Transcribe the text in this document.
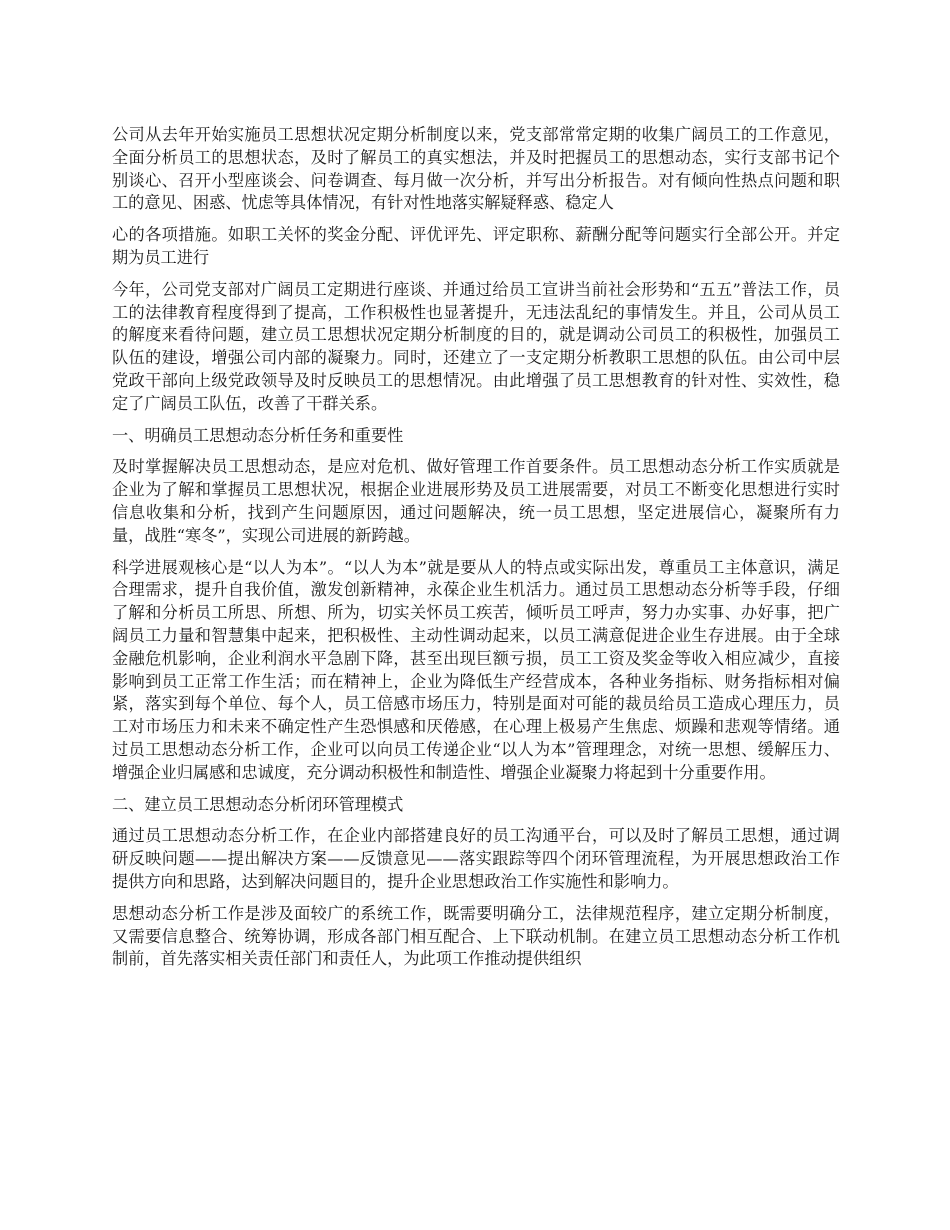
公司从去年开始实施员工思想状况定期分析制度以来，党支部常常定期的收集广阔员工的工作意见，全面分析员工的思想状态，及时了解员工的真实想法，并及时把握员工的思想动态，实行支部书记个别谈心、召开小型座谈会、问卷调查、每月做一次分析，并写出分析报告。对有倾向性热点问题和职工的意见、困惑、忧虑等具体情况，有针对性地落实解疑释惑、稳定人

心的各项措施。如职工关怀的奖金分配、评优评先、评定职称、薪酬分配等问题实行全部公开。并定期为员工进行

今年，公司党支部对广阔员工定期进行座谈、并通过给员工宣讲当前社会形势和“五五”普法工作，员工的法律教育程度得到了提高，工作积极性也显著提升，无违法乱纪的事情发生。并且，公司从员工的解度来看待问题，建立员工思想状况定期分析制度的目的，就是调动公司员工的积极性，加强员工队伍的建设，增强公司内部的凝聚力。同时，还建立了一支定期分析教职工思想的队伍。由公司中层党政干部向上级党政领导及时反映员工的思想情况。由此增强了员工思想教育的针对性、实效性，稳定了广阔员工队伍，改善了干群关系。

一、明确员工思想动态分析任务和重要性

及时掌握解决员工思想动态，是应对危机、做好管理工作首要条件。员工思想动态分析工作实质就是企业为了解和掌握员工思想状况，根据企业进展形势及员工进展需要，对员工不断变化思想进行实时信息收集和分析，找到产生问题原因，通过问题解决，统一员工思想，坚定进展信心，凝聚所有力量，战胜“寒冬”，实现公司进展的新跨越。

科学进展观核心是“以人为本”。“以人为本”就是要从人的特点或实际出发，尊重员工主体意识，满足合理需求，提升自我价值，激发创新精神，永葆企业生机活力。通过员工思想动态分析等手段，仔细了解和分析员工所思、所想、所为，切实关怀员工疾苦，倾听员工呼声，努力办实事、办好事，把广阔员工力量和智慧集中起来，把积极性、主动性调动起来，以员工满意促进企业生存进展。由于全球金融危机影响，企业利润水平急剧下降，甚至出现巨额亏损，员工工资及奖金等收入相应减少，直接影响到员工正常工作生活；而在精神上，企业为降低生产经营成本，各种业务指标、财务指标相对偏紧，落实到每个单位、每个人，员工倍感市场压力，特别是面对可能的裁员给员工造成心理压力，员工对市场压力和未来不确定性产生恐惧感和厌倦感，在心理上极易产生焦虑、烦躁和悲观等情绪。通过员工思想动态分析工作，企业可以向员工传递企业“以人为本”管理理念，对统一思想、缓解压力、增强企业归属感和忠诚度，充分调动积极性和制造性、增强企业凝聚力将起到十分重要作用。

二、建立员工思想动态分析闭环管理模式

通过员工思想动态分析工作，在企业内部搭建良好的员工沟通平台，可以及时了解员工思想，通过调研反映问题——提出解决方案——反馈意见——落实跟踪等四个闭环管理流程，为开展思想政治工作提供方向和思路，达到解决问题目的，提升企业思想政治工作实施性和影响力。

思想动态分析工作是涉及面较广的系统工作，既需要明确分工，法律规范程序，建立定期分析制度，又需要信息整合、统筹协调，形成各部门相互配合、上下联动机制。在建立员工思想动态分析工作机制前，首先落实相关责任部门和责任人，为此项工作推动提供组织
